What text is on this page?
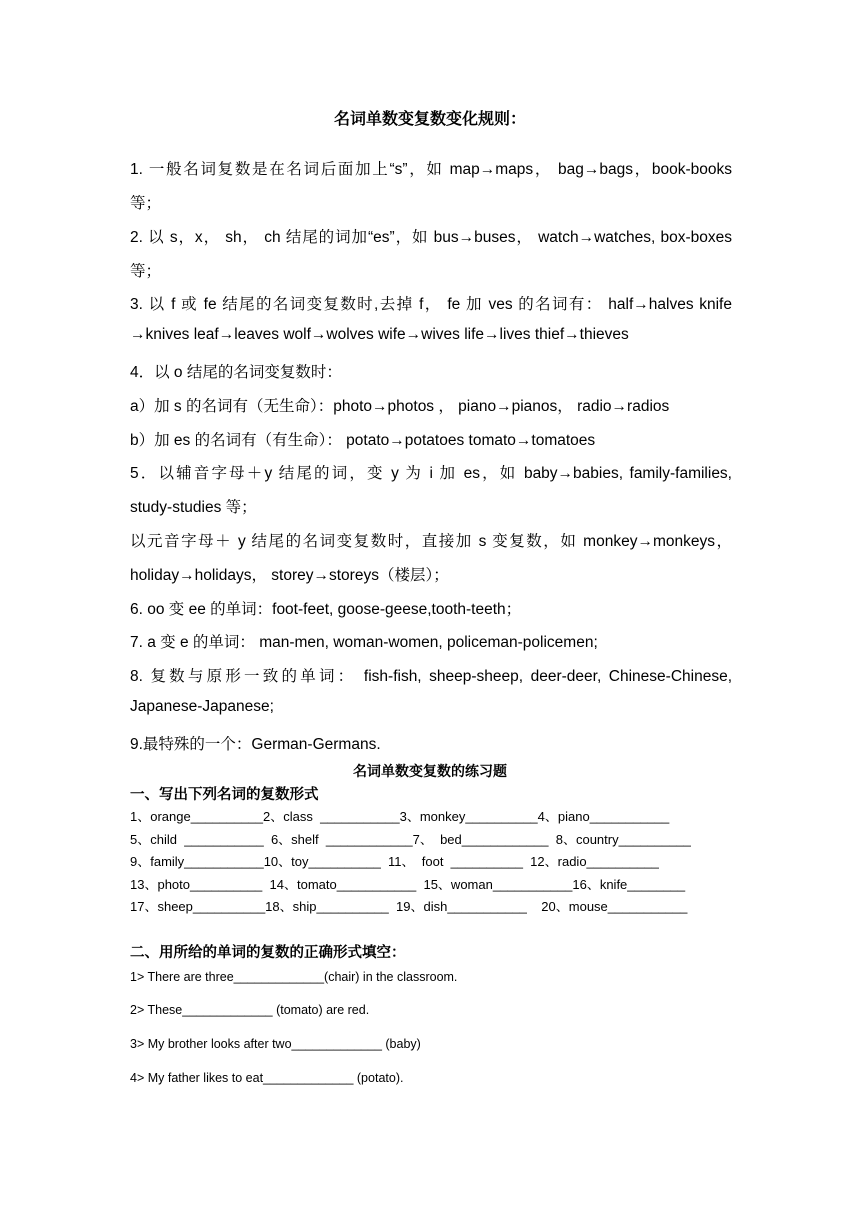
名词单数变复数变化规则：
1. 一般名词复数是在名词后面加上“s”，如 map→maps， bag→bags，book-books
等；
2. 以 s，x， sh， ch 结尾的词加“es”，如 bus→buses， watch→watches, box-boxes
等；
3. 以 f 或 fe 结尾的名词变复数时,去掉 f， fe 加 ves 的名词有： half→halves knife
→knives leaf→leaves wolf→wolves wife→wives life→lives thief→thieves
4．以 o 结尾的名词变复数时：
a）加 s 的名词有（无生命）：photo→photos ， piano→pianos， radio→radios
b）加 es 的名词有（有生命）： potato→potatoes tomato→tomatoes
5．以辅音字母＋y 结尾的词，变 y 为 i 加 es，如 baby→babies, family-families,
study-studies 等；
以元音字母＋ y 结尾的名词变复数时，直接加 s 变复数，如 monkey→monkeys，
holiday→holidays， storey→storeys（楼层）；
6. oo 变 ee 的单词：foot-feet, goose-geese,tooth-teeth；
7. a 变 e 的单词： man-men, woman-women, policeman-policemen;
8. 复数与原形一致的单词： fish-fish, sheep-sheep, deer-deer, Chinese-Chinese,
Japanese-Japanese;
9.最特殊的一个：German-Germans.
名词单数变复数的练习题
一、写出下列名词的复数形式
1、orange__________2、class  ___________3、monkey__________4、piano___________
5、child  ___________  6、shelf  ____________7、  bed____________  8、country__________
9、family___________10、toy__________  11、  foot  __________  12、radio__________
13、photo__________  14、tomato___________  15、woman___________16、knife________
17、sheep__________18、ship__________  19、dish___________    20、mouse___________
二、用所给的单词的复数的正确形式填空：
1> There are three_____________(chair) in the classroom.
2> These_____________ (tomato) are red.
3> My brother looks after two_____________ (baby)
4> My father likes to eat_____________ (potato).
